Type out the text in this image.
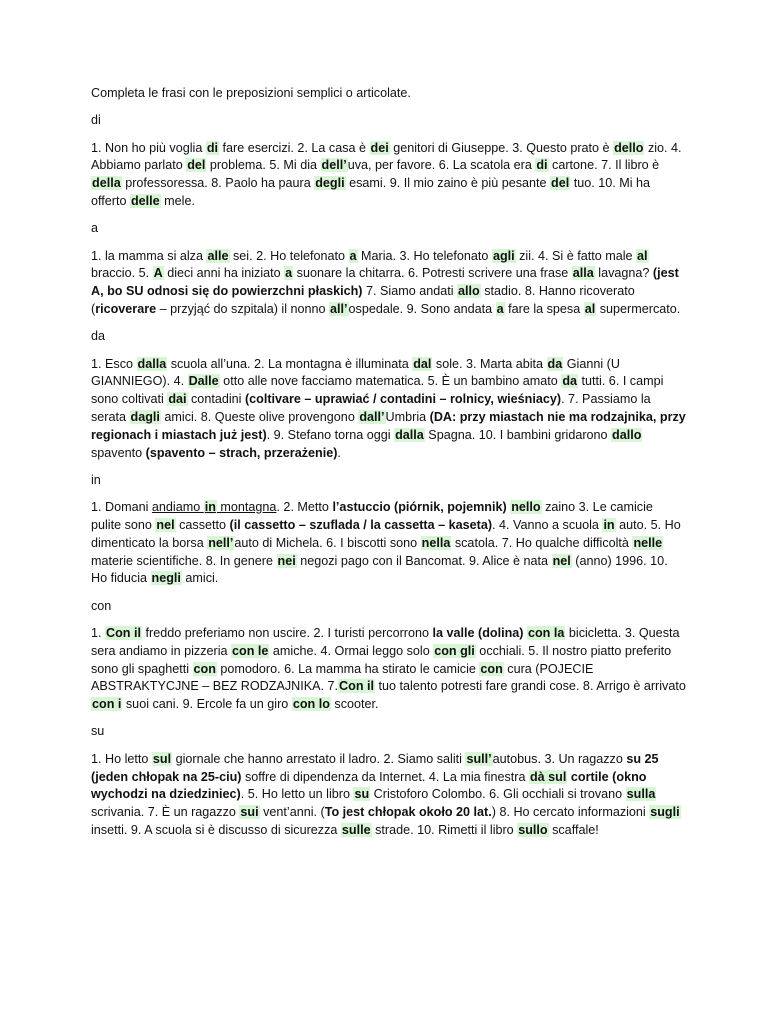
Completa le frasi con le preposizioni semplici o articolate.

di

1. Non ho più voglia di fare esercizi. 2. La casa è dei genitori di Giuseppe. 3. Questo prato è dello zio. 4. Abbiamo parlato del problema. 5. Mi dia dell’uva, per favore. 6. La scatola era di cartone. 7. Il libro è della professoressa. 8. Paolo ha paura degli esami. 9. Il mio zaino è più pesante del tuo. 10. Mi ha offerto delle mele.

a

1. la mamma si alza alle sei. 2. Ho telefonato a Maria. 3. Ho telefonato agli zii. 4. Si è fatto male al braccio. 5. A dieci anni ha iniziato a suonare la chitarra. 6. Potresti scrivere una frase alla lavagna? (jest A, bo SU odnosi się do powierzchni płaskich) 7. Siamo andati allo stadio. 8. Hanno ricoverato (ricoverare – przyjąć do szpitala) il nonno all’ospedale. 9. Sono andata a fare la spesa al supermercato.

da

1. Esco dalla scuola all’una. 2. La montagna è illuminata dal sole. 3. Marta abita da Gianni (U GIANNIEGO). 4. Dalle otto alle nove facciamo matematica. 5. È un bambino amato da tutti. 6. I campi sono coltivati dai contadini (coltivare – uprawiać / contadini – rolnicy, wieśniacy). 7. Passiamo la serata dagli amici. 8. Queste olive provengono dall’Umbria (DA: przy miastach nie ma rodzajnika, przy regionach i miastach już jest). 9. Stefano torna oggi dalla Spagna. 10. I bambini gridarono dallo spavento (spavento – strach, przerażenie).

in

1. Domani andiamo in montagna. 2. Metto l’astuccio (piórnik, pojemnik) nello zaino 3. Le camicie pulite sono nel cassetto (il cassetto – szuflada / la cassetta – kaseta). 4. Vanno a scuola in auto. 5. Ho dimenticato la borsa nell’auto di Michela. 6. I biscotti sono nella scatola. 7. Ho qualche difficoltà nelle materie scientifiche. 8. In genere nei negozi pago con il Bancomat. 9. Alice è nata nel (anno) 1996. 10. Ho fiducia negli amici.

con

1. Con il freddo preferiamo non uscire. 2. I turisti percorrono la valle (dolina) con la bicicletta. 3. Questa sera andiamo in pizzeria con le amiche. 4. Ormai leggo solo con gli occhiali. 5. Il nostro piatto preferito sono gli spaghetti con pomodoro. 6. La mamma ha stirato le camicie con cura (POJECIE ABSTRAKTYCJNE – BEZ RODZAJNIKA. 7.Con il tuo talento potresti fare grandi cose. 8. Arrigo è arrivato con i suoi cani. 9. Ercole fa un giro con lo scooter.

su

1. Ho letto sul giornale che hanno arrestato il ladro. 2. Siamo saliti sull’autobus. 3. Un ragazzo su 25 (jeden chłopak na 25-ciu) soffre di dipendenza da Internet. 4. La mia finestra dà sul cortile (okno wychodzi na dziedziniec). 5. Ho letto un libro su Cristoforo Colombo. 6. Gli occhiali si trovano sulla scrivania. 7. È un ragazzo sui vent’anni. (To jest chłopak około 20 lat.) 8. Ho cercato informazioni sugli insetti. 9. A scuola si è discusso di sicurezza sulle strade. 10. Rimetti il libro sullo scaffale!
